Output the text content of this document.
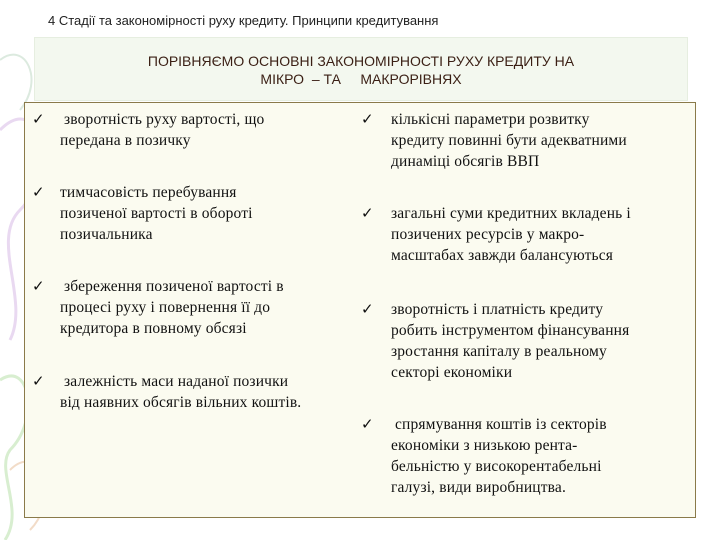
4 Стадії та закономірності руху кредиту. Принципи кредитування
ПОРІВНЯЄМО ОСНОВНІ ЗАКОНОМІРНОСТІ РУХУ КРЕДИТУ НА
МІКРО  – ТА     МАКРОРІВНЯХ
✓ зворотність руху вартості, що
передана в позичку
✓ тимчасовість перебування
позиченої вартості в обороті
позичальника
✓ збереження позиченої вартості в
процесі руху і повернення її до
кредитора в повному обсязі
✓ залежність маси наданої позички
від наявних обсягів вільних коштів.
✓ кількісні параметри розвитку
кредиту повинні бути адекватними
динаміці обсягів ВВП
✓ загальні суми кредитних вкладень і
позичених ресурсів у макро-
масштабах завжди балансуються
✓ зворотність і платність кредиту
робить інструментом фінансування
зростання капіталу в реальному
секторі економіки
✓ спрямування коштів із секторів
економіки з низькою рента-
бельністю у високорентабельні
галузі, види виробництва.
